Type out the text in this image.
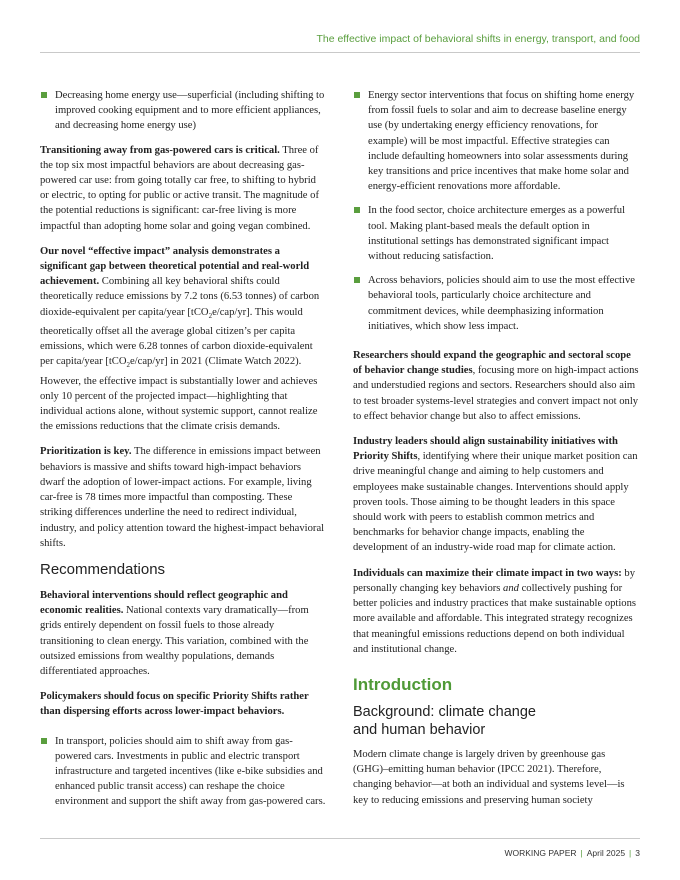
The effective impact of behavioral shifts in energy, transport, and food
Decreasing home energy use—superficial (including shifting to improved cooking equipment and to more efficient appliances, and decreasing home energy use)

Transitioning away from gas-powered cars is critical. Three of the top six most impactful behaviors are about decreasing gas-powered car use: from going totally car free, to shifting to hybrid or electric, to opting for public or active transit. The magnitude of the potential reductions is significant: car-free living is more impactful than adopting home solar and going vegan combined.

Our novel “effective impact” analysis demonstrates a significant gap between theoretical potential and real-world achievement. Combining all key behavioral shifts could theoretically reduce emissions by 7.2 tons (6.53 tonnes) of carbon dioxide-equivalent per capita/year [tCO$_2$e/cap/yr]. This would theoretically offset all the average global citizen’s per capita emissions, which were 6.28 tonnes of carbon dioxide-equivalent per capita/year [tCO$_2$e/cap/yr] in 2021 (Climate Watch 2022). However, the effective impact is substantially lower and achieves only 10 percent of the projected impact—highlighting that individual actions alone, without systemic support, cannot realize the emissions reductions that the climate crisis demands.

Prioritization is key. The difference in emissions impact between behaviors is massive and shifts toward high-impact behaviors dwarf the adoption of lower-impact actions. For example, living car-free is 78 times more impactful than composting. These striking differences underline the need to redirect individual, industry, and policy attention toward the highest-impact behavioral shifts.

Recommendations

Behavioral interventions should reflect geographic and economic realities. National contexts vary dramatically—from grids entirely dependent on fossil fuels to those already transitioning to clean energy. This variation, combined with the outsized emissions from wealthy populations, demands differentiated approaches.

Policymakers should focus on specific Priority Shifts rather than dispersing efforts across lower-impact behaviors.

In transport, policies should aim to shift away from gas-powered cars. Investments in public and electric transport infrastructure and targeted incentives (like e-bike subsidies and enhanced public transit access) can reshape the choice environment and support the shift away from gas-powered cars.
Energy sector interventions that focus on shifting home energy from fossil fuels to solar and aim to decrease baseline energy use (by undertaking energy efficiency renovations, for example) will be most impactful. Effective strategies can include defaulting homeowners into solar assessments during key transitions and price incentives that make home solar and energy-efficient renovations more affordable.
In the food sector, choice architecture emerges as a powerful tool. Making plant-based meals the default option in institutional settings has demonstrated significant impact without reducing satisfaction.
Across behaviors, policies should aim to use the most effective behavioral tools, particularly choice architecture and commitment devices, while deemphasizing information initiatives, which show less impact.

Researchers should expand the geographic and sectoral scope of behavior change studies, focusing more on high-impact actions and understudied regions and sectors. Researchers should also aim to test broader systems-level strategies and convert impact not only to effect behavior change but also to affect emissions.

Industry leaders should align sustainability initiatives with Priority Shifts, identifying where their unique market position can drive meaningful change and aiming to help customers and employees make sustainable changes. Interventions should apply proven tools. Those aiming to be thought leaders in this space should work with peers to establish common metrics and benchmarks for behavior change impacts, enabling the development of an industry-wide road map for climate action.

Individuals can maximize their climate impact in two ways: by personally changing key behaviors and collectively pushing for better policies and industry practices that make sustainable options more available and affordable. This integrated strategy recognizes that meaningful emissions reductions depend on both individual and institutional change.

Introduction
Background: climate change
and human behavior

Modern climate change is largely driven by greenhouse gas (GHG)–emitting human behavior (IPCC 2021). Therefore, changing behavior—at both an individual and systems level—is key to reducing emissions and preserving human society

WORKING PAPER | April 2025 | 3
